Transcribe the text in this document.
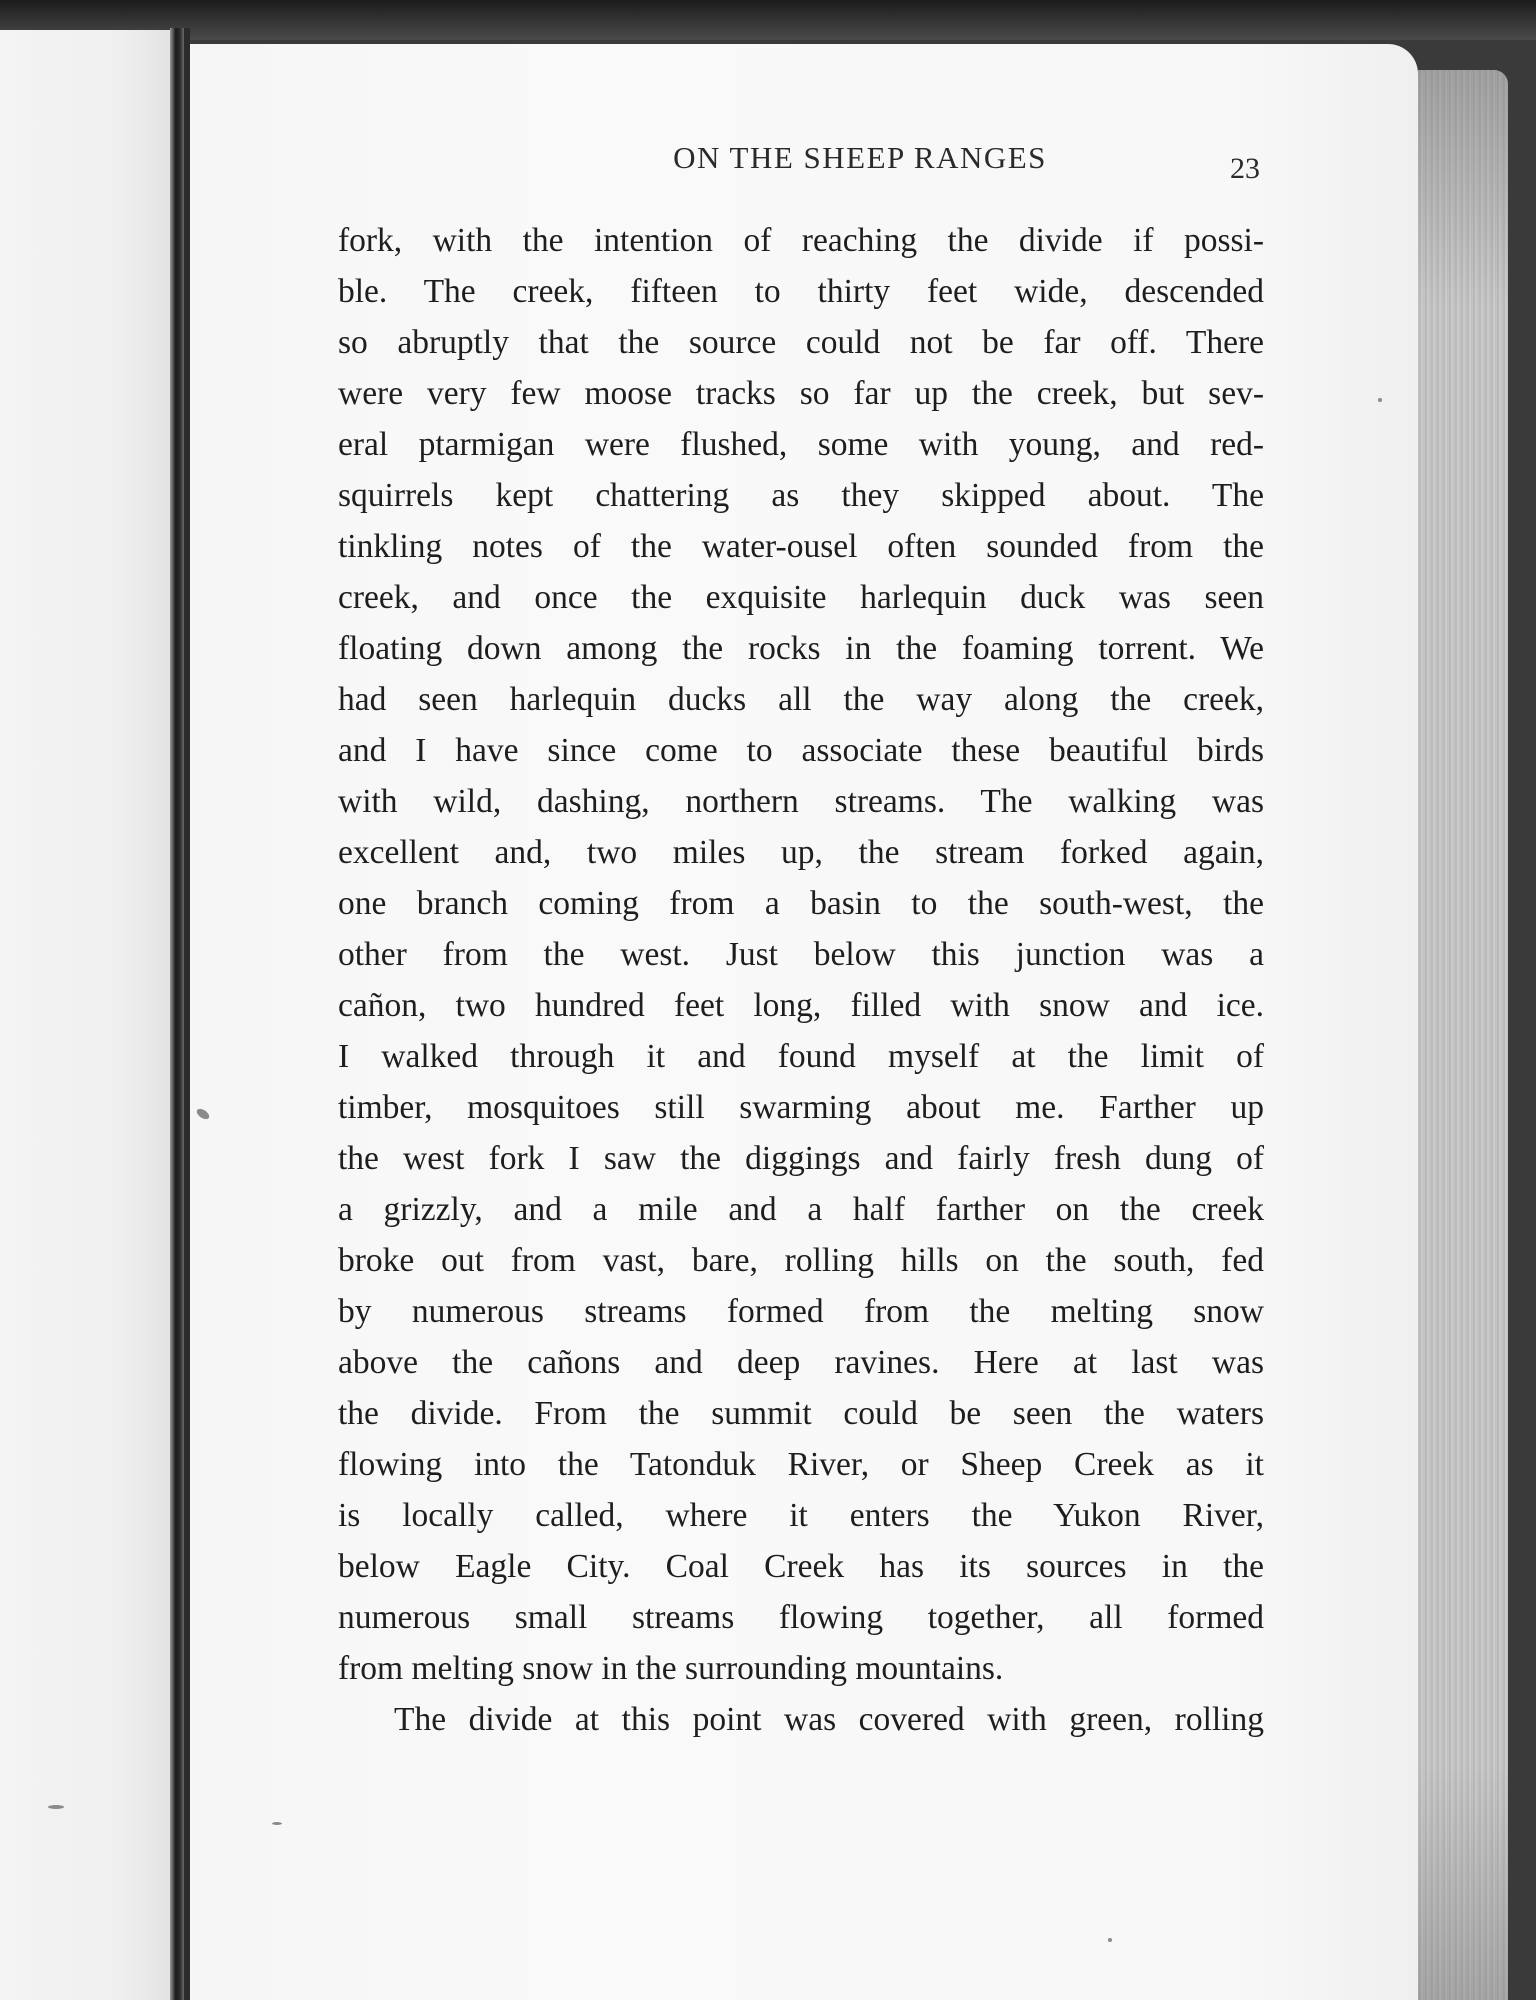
ON THE SHEEP RANGES	23
fork, with the intention of reaching the divide if possi-
ble. The creek, fifteen to thirty feet wide, descended
so abruptly that the source could not be far off. There
were very few moose tracks so far up the creek, but sev-
eral ptarmigan were flushed, some with young, and red-
squirrels kept chattering as they skipped about. The
tinkling notes of the water-ousel often sounded from the
creek, and once the exquisite harlequin duck was seen
floating down among the rocks in the foaming torrent. We
had seen harlequin ducks all the way along the creek,
and I have since come to associate these beautiful birds
with wild, dashing, northern streams. The walking was
excellent and, two miles up, the stream forked again,
one branch coming from a basin to the south-west, the
other from the west. Just below this junction was a
cañon, two hundred feet long, filled with snow and ice.
I walked through it and found myself at the limit of
timber, mosquitoes still swarming about me. Farther up
the west fork I saw the diggings and fairly fresh dung of
a grizzly, and a mile and a half farther on the creek
broke out from vast, bare, rolling hills on the south, fed
by numerous streams formed from the melting snow
above the cañons and deep ravines. Here at last was
the divide. From the summit could be seen the waters
flowing into the Tatonduk River, or Sheep Creek as it
is locally called, where it enters the Yukon River,
below Eagle City. Coal Creek has its sources in the
numerous small streams flowing together, all formed
from melting snow in the surrounding mountains.
The divide at this point was covered with green, rolling
